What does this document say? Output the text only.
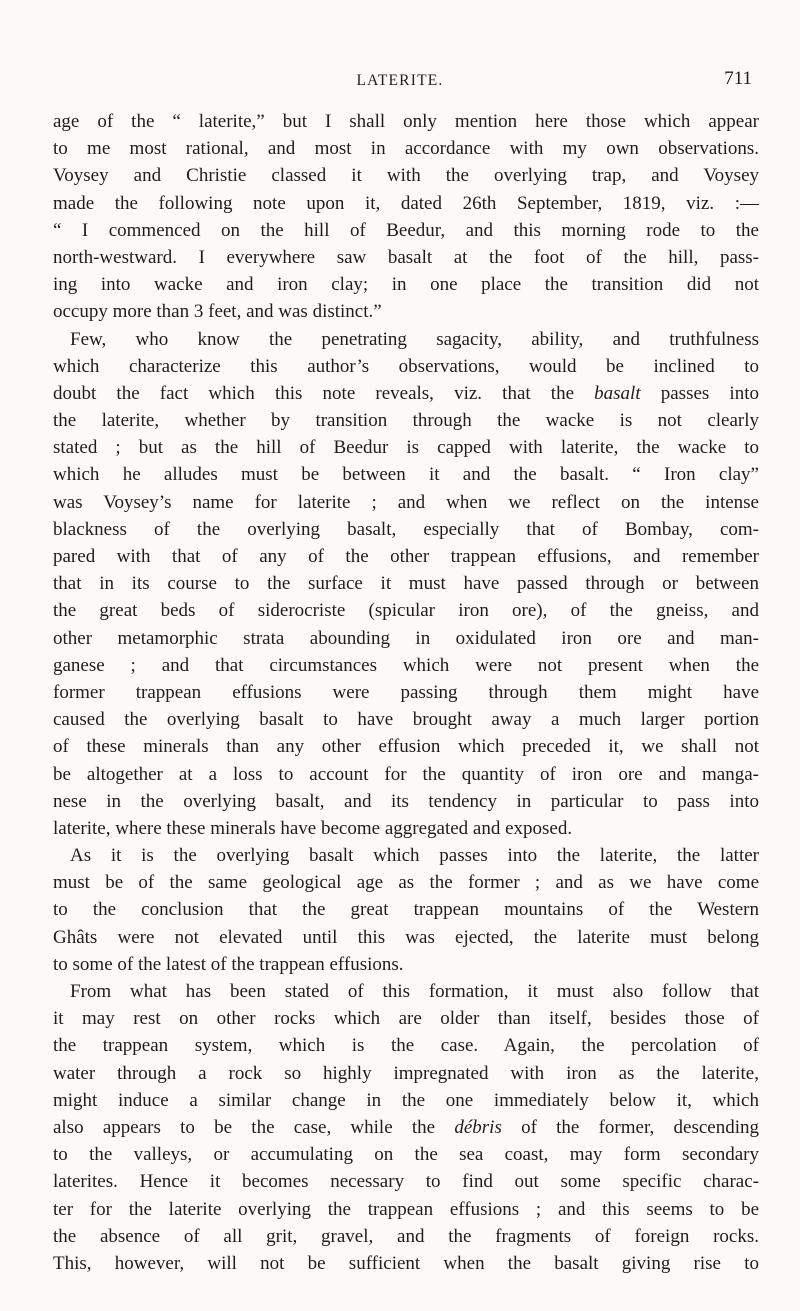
LATERITE.	711
age of the “ laterite,” but I shall only mention here those which appear
to me most rational, and most in accordance with my own observations.
Voysey and Christie classed it with the overlying trap, and Voysey
made the following note upon it, dated 26th September, 1819, viz. :—
“ I commenced on the hill of Beedur, and this morning rode to the
north-westward. I everywhere saw basalt at the foot of the hill, pass-
ing into wacke and iron clay; in one place the transition did not
occupy more than 3 feet, and was distinct.”
Few, who know the penetrating sagacity, ability, and truthfulness
which characterize this author’s observations, would be inclined to
doubt the fact which this note reveals, viz. that the basalt passes into
the laterite, whether by transition through the wacke is not clearly
stated ; but as the hill of Beedur is capped with laterite, the wacke to
which he alludes must be between it and the basalt. “ Iron clay”
was Voysey’s name for laterite ; and when we reflect on the intense
blackness of the overlying basalt, especially that of Bombay, com-
pared with that of any of the other trappean effusions, and remember
that in its course to the surface it must have passed through or between
the great beds of siderocriste (spicular iron ore), of the gneiss, and
other metamorphic strata abounding in oxidulated iron ore and man-
ganese ; and that circumstances which were not present when the
former trappean effusions were passing through them might have
caused the overlying basalt to have brought away a much larger portion
of these minerals than any other effusion which preceded it, we shall not
be altogether at a loss to account for the quantity of iron ore and manga-
nese in the overlying basalt, and its tendency in particular to pass into
laterite, where these minerals have become aggregated and exposed.
As it is the overlying basalt which passes into the laterite, the latter
must be of the same geological age as the former ; and as we have come
to the conclusion that the great trappean mountains of the Western
Ghâts were not elevated until this was ejected, the laterite must belong
to some of the latest of the trappean effusions.
From what has been stated of this formation, it must also follow that
it may rest on other rocks which are older than itself, besides those of
the trappean system, which is the case. Again, the percolation of
water through a rock so highly impregnated with iron as the laterite,
might induce a similar change in the one immediately below it, which
also appears to be the case, while the débris of the former, descending
to the valleys, or accumulating on the sea coast, may form secondary
laterites. Hence it becomes necessary to find out some specific charac-
ter for the laterite overlying the trappean effusions ; and this seems to be
the absence of all grit, gravel, and the fragments of foreign rocks.
This, however, will not be sufficient when the basalt giving rise to
